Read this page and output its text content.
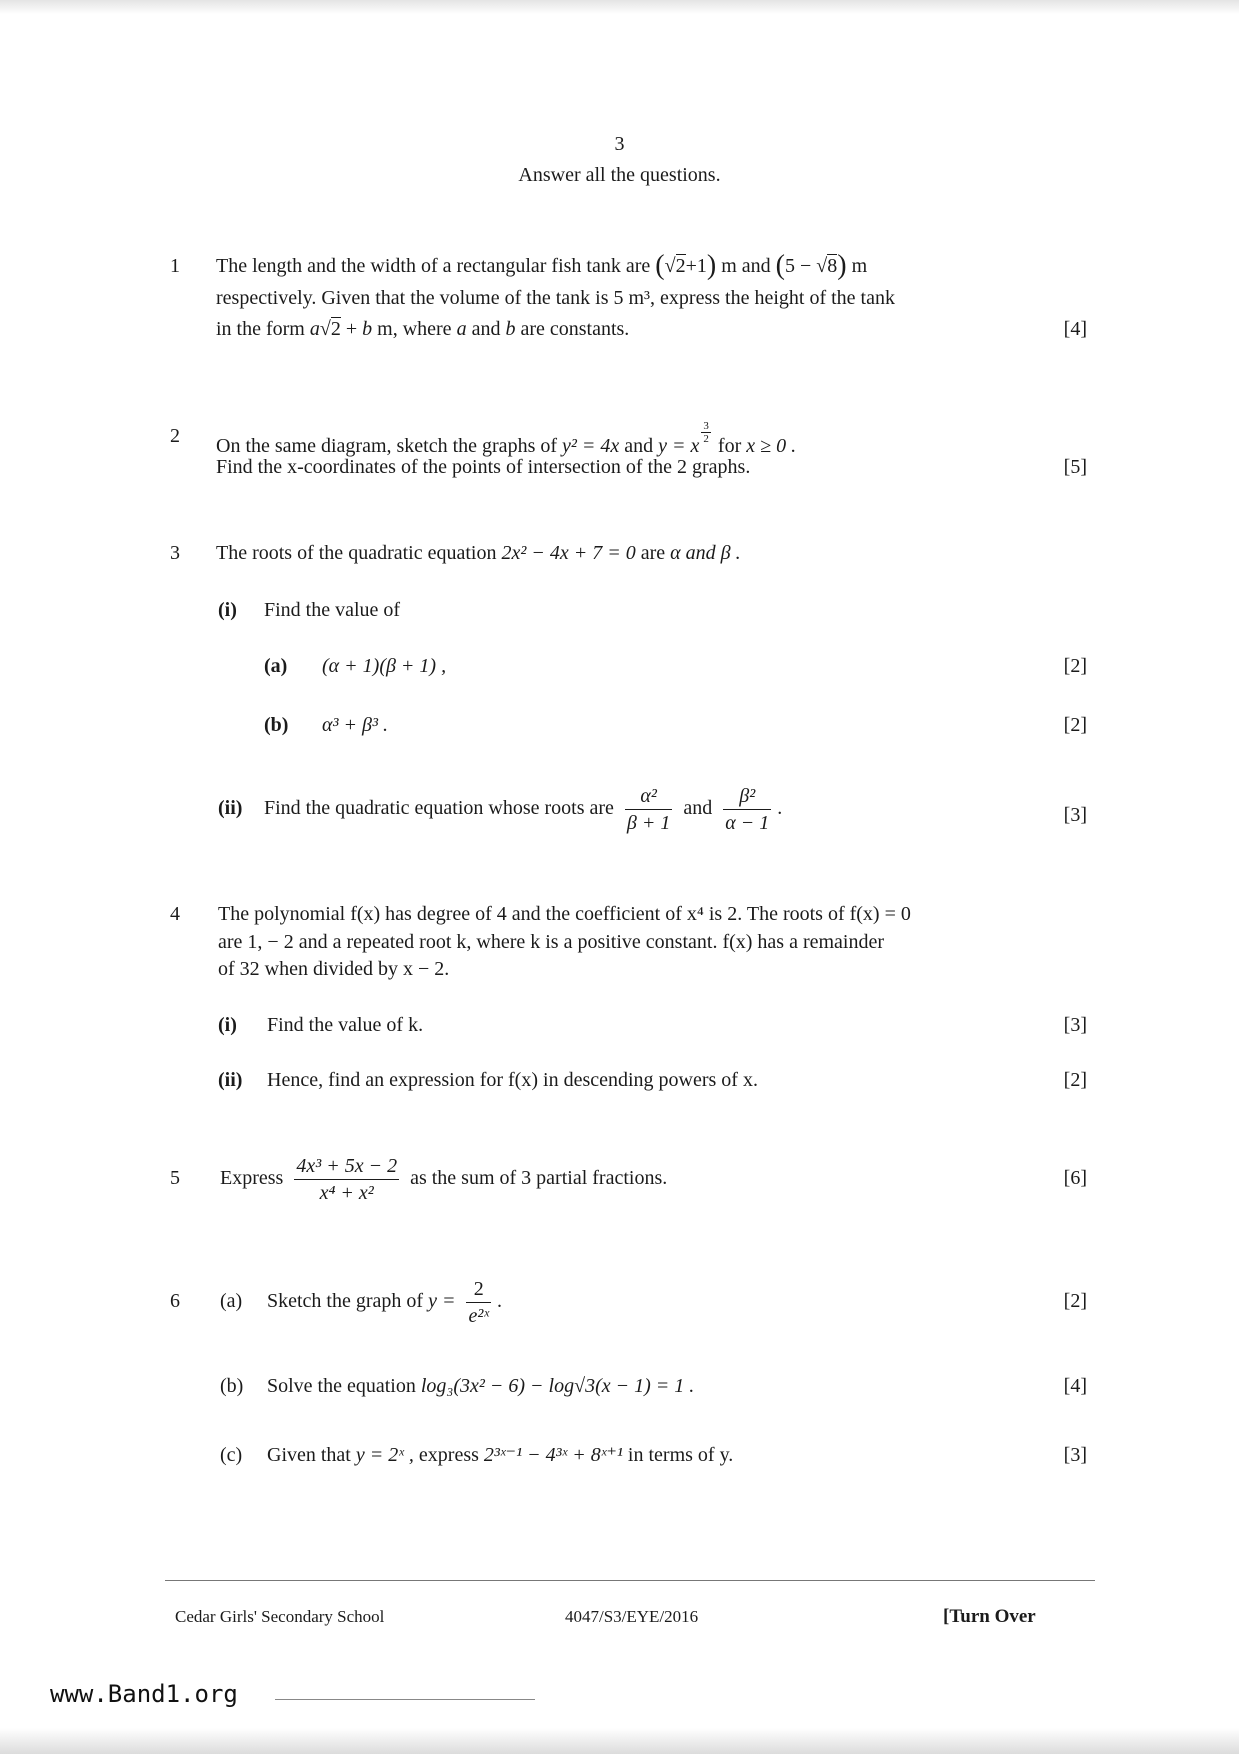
3
Answer all the questions.
1 The length and the width of a rectangular fish tank are (√2+1) m and (5 − √8) m
respectively. Given that the volume of the tank is 5 m³, express the height of the tank
in the form a√2 + b m, where a and b are constants.	[4]
2 On the same diagram, sketch the graphs of y² = 4x and y = x
$\frac{3}{2}$
for x ≥ 0 .
Find the x-coordinates of the points of intersection of the 2 graphs.	[5]
3 The roots of the quadratic equation 2x² − 4x + 7 = 0 are α and β .
(i) Find the value of
(a) (α + 1)(β + 1) ,	[2]
(b) α³ + β³ .	[2]
(ii) Find the quadratic equation whose roots are $\frac{\text{α²}}{\beta + 1}$ and $\frac{\text{β²}}{\alpha - 1}$ .	[3]
4 The polynomial f(x) has degree of 4 and the coefficient of x⁴ is 2. The roots of f(x) = 0
are 1, − 2 and a repeated root k, where k is a positive constant. f(x) has a remainder
of 32 when divided by x − 2.
(i) Find the value of k.	[3]
(ii) Hence, find an expression for f(x) in descending powers of x.	[2]
5 Express $\frac{\text{4x³ + 5x − 2}}{\text{x⁴ + x²}}$ as the sum of 3 partial fractions.	[6]
6 (a) Sketch the graph of $y = \frac{2}{\text{e²ˣ}}$ .	[2]
(b) Solve the equation log₃(3x² − 6) − log√3(x − 1) = 1 .	[4]
(c) Given that y = 2ˣ , express 2³ˣ⁻¹ − 4³ˣ + 8ˣ⁺¹ in terms of y.	[3]
Cedar Girls' Secondary School	4047/S3/EYE/2016	[Turn Over
www.Band1.org
